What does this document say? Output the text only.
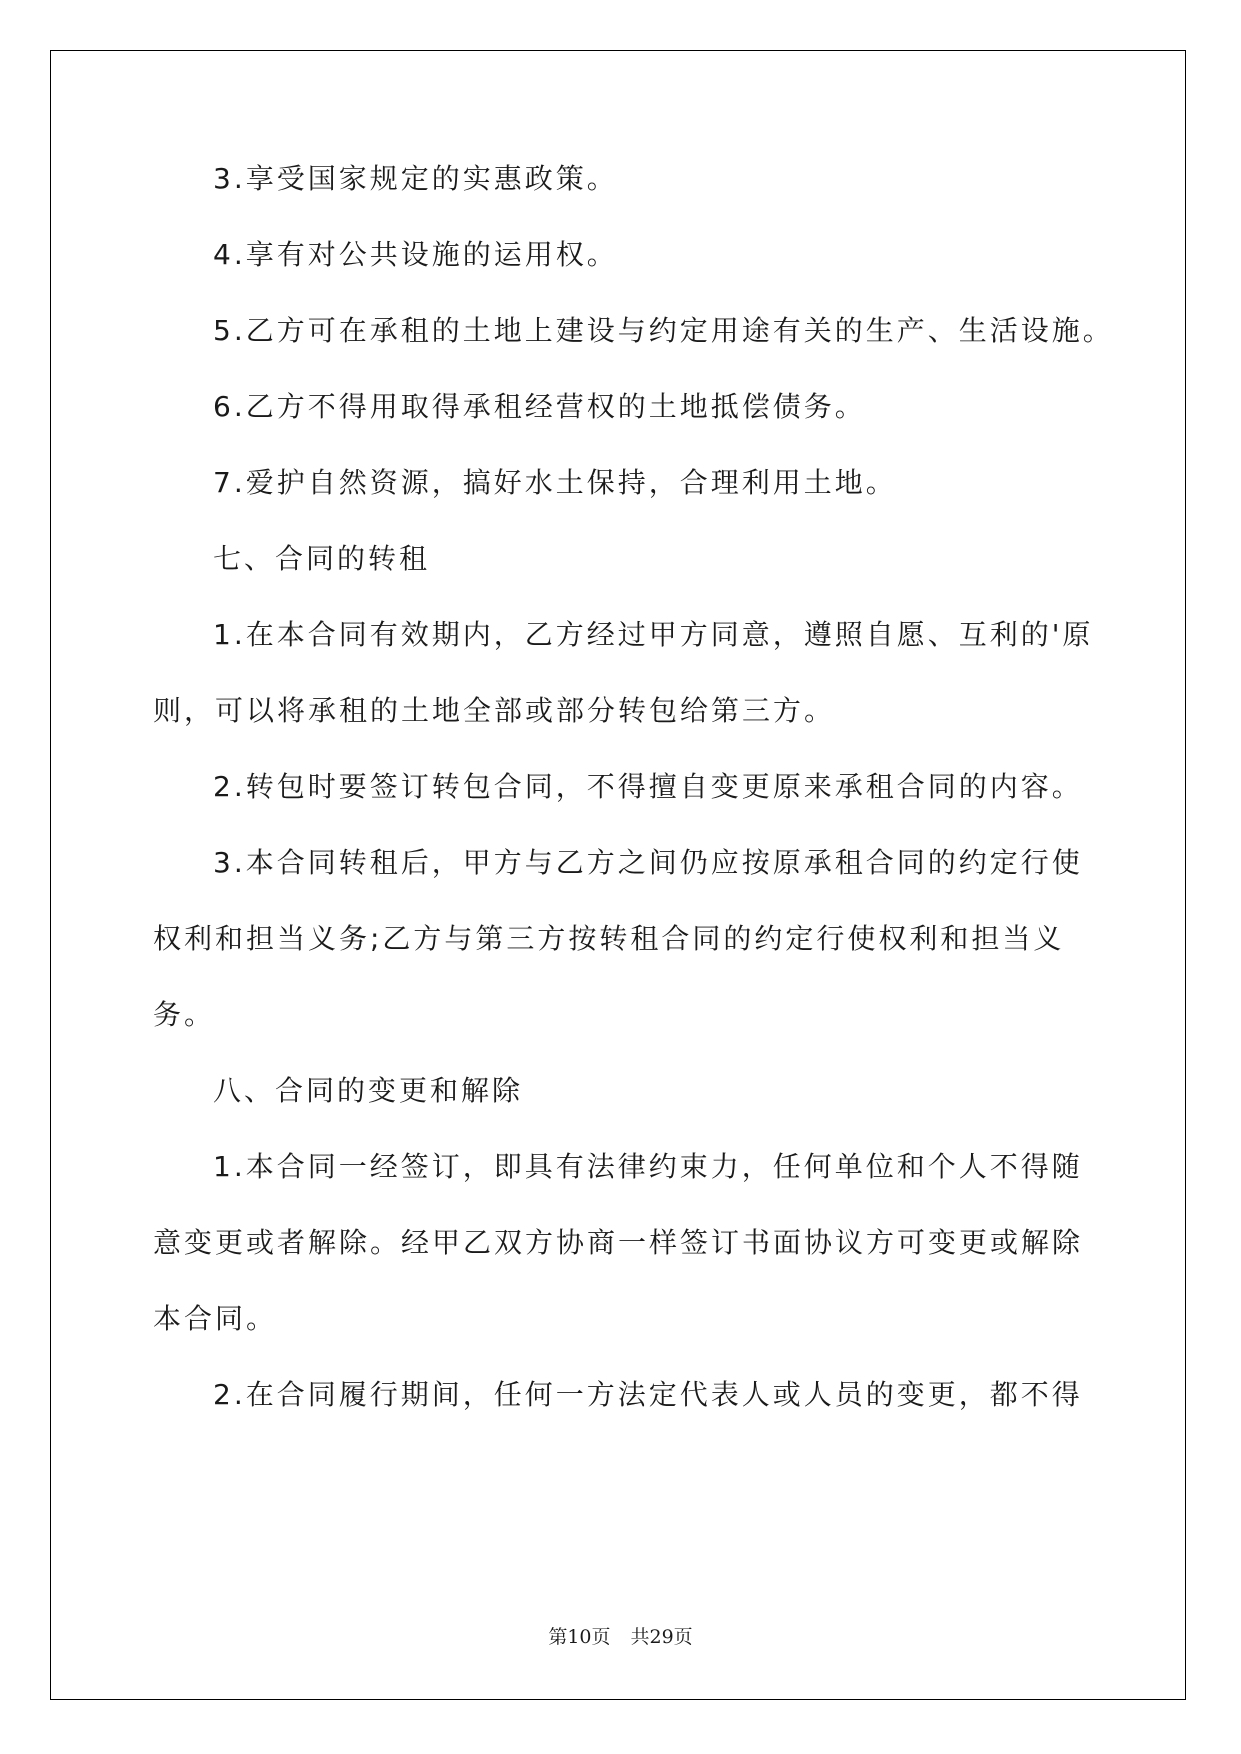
3.享受国家规定的实惠政策。

4.享有对公共设施的运用权。

5.乙方可在承租的土地上建设与约定用途有关的生产、生活设施。

6.乙方不得用取得承租经营权的土地抵偿债务。

7.爱护自然资源，搞好水土保持，合理利用土地。

七、合同的转租

1.在本合同有效期内，乙方经过甲方同意，遵照自愿、互利的'原
则，可以将承租的土地全部或部分转包给第三方。

2.转包时要签订转包合同，不得擅自变更原来承租合同的内容。

3.本合同转租后，甲方与乙方之间仍应按原承租合同的约定行使
权利和担当义务;乙方与第三方按转租合同的约定行使权利和担当义
务。

八、合同的变更和解除

1.本合同一经签订，即具有法律约束力，任何单位和个人不得随
意变更或者解除。经甲乙双方协商一样签订书面协议方可变更或解除
本合同。

2.在合同履行期间，任何一方法定代表人或人员的变更，都不得

第10页 共29页
